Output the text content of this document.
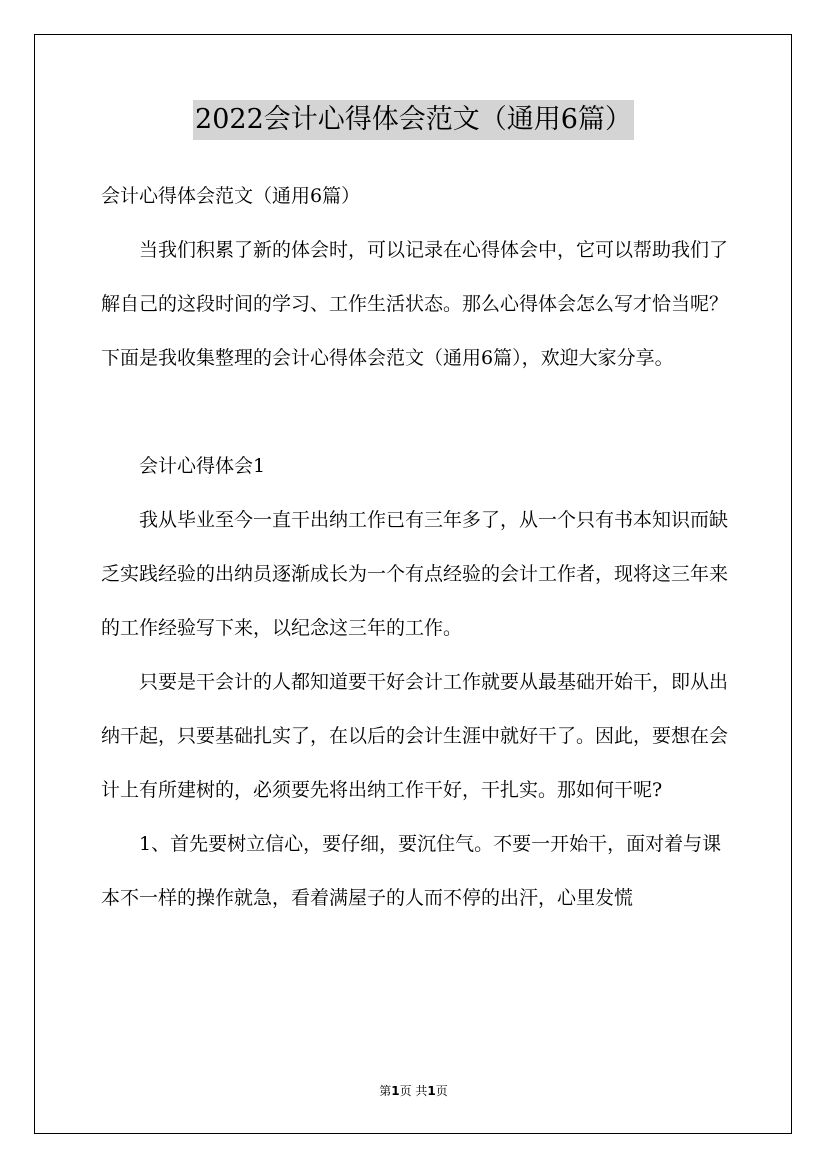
2022会计心得体会范文（通用6篇）

会计心得体会范文（通用6篇）

当我们积累了新的体会时，可以记录在心得体会中，它可以帮助我们了解自己的这段时间的学习、工作生活状态。那么心得体会怎么写才恰当呢？下面是我收集整理的会计心得体会范文（通用6篇），欢迎大家分享。

会计心得体会1

我从毕业至今一直干出纳工作已有三年多了，从一个只有书本知识而缺乏实践经验的出纳员逐渐成长为一个有点经验的会计工作者，现将这三年来的工作经验写下来，以纪念这三年的工作。

只要是干会计的人都知道要干好会计工作就要从最基础开始干，即从出纳干起，只要基础扎实了，在以后的会计生涯中就好干了。因此，要想在会计上有所建树的，必须要先将出纳工作干好，干扎实。那如何干呢?

1、首先要树立信心，要仔细，要沉住气。不要一开始干，面对着与课本不一样的操作就急，看着满屋子的人而不停的出汗，心里发慌

第1页 共1页
